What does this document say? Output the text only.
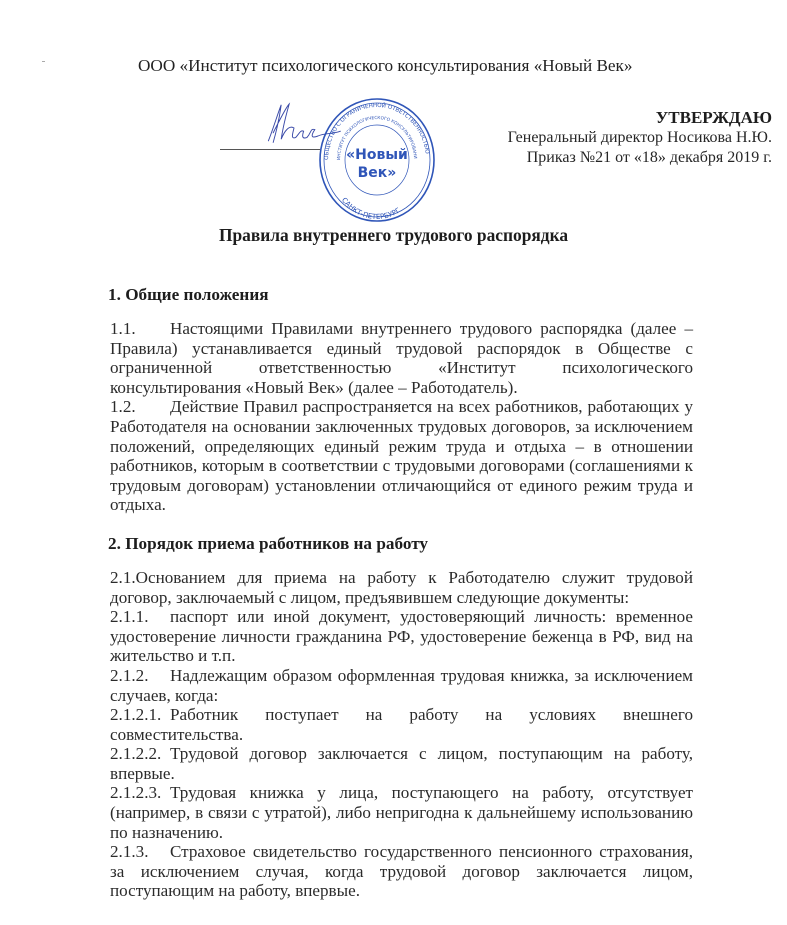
ООО «Институт психологического консультирования «Новый Век»
ОБЩЕСТВО С ОГРАНИЧЕННОЙ ОТВЕТСТВЕННОСТЬЮ
ИНСТИТУТ ПСИХОЛОГИЧЕСКОГО КОНСУЛЬТИРОВАНИ
САНКТ-ПЕТЕРБУРГ
«Новый
Век»
УТВЕРЖДАЮ
Генеральный директор Носикова Н.Ю.
Приказ №21 от «18» декабря 2019 г.
Правила внутреннего трудового распорядка
1. Общие положения
1.1. Настоящими Правилами внутреннего трудового распорядка (далее – Правила) устанавливается единый трудовой распорядок в Обществе с ограниченной ответственностью «Институт психологического консультирования «Новый Век» (далее – Работодатель).
1.2. Действие Правил распространяется на всех работников, работающих у Работодателя на основании заключенных трудовых договоров, за исключением положений, определяющих единый режим труда и отдыха – в отношении работников, которым в соответствии с трудовыми договорами (соглашениями к трудовым договорам) установлении отличающийся от единого режим труда и отдыха.
2. Порядок приема работников на работу
2.1.Основанием для приема на работу к Работодателю служит трудовой договор, заключаемый с лицом, предъявившем следующие документы:
2.1.1. паспорт или иной документ, удостоверяющий личность: временное удостоверение личности гражданина РФ, удостоверение беженца в РФ, вид на жительство и т.п.
2.1.2. Надлежащим образом оформленная трудовая книжка, за исключением случаев, когда:
2.1.2.1. Работник поступает на работу на условиях внешнего совместительства.
2.1.2.2. Трудовой договор заключается с лицом, поступающим на работу, впервые.
2.1.2.3. Трудовая книжка у лица, поступающего на работу, отсутствует (например, в связи с утратой), либо непригодна к дальнейшему использованию по назначению.
2.1.3. Страховое свидетельство государственного пенсионного страхования, за исключением случая, когда трудовой договор заключается лицом, поступающим на работу, впервые.
